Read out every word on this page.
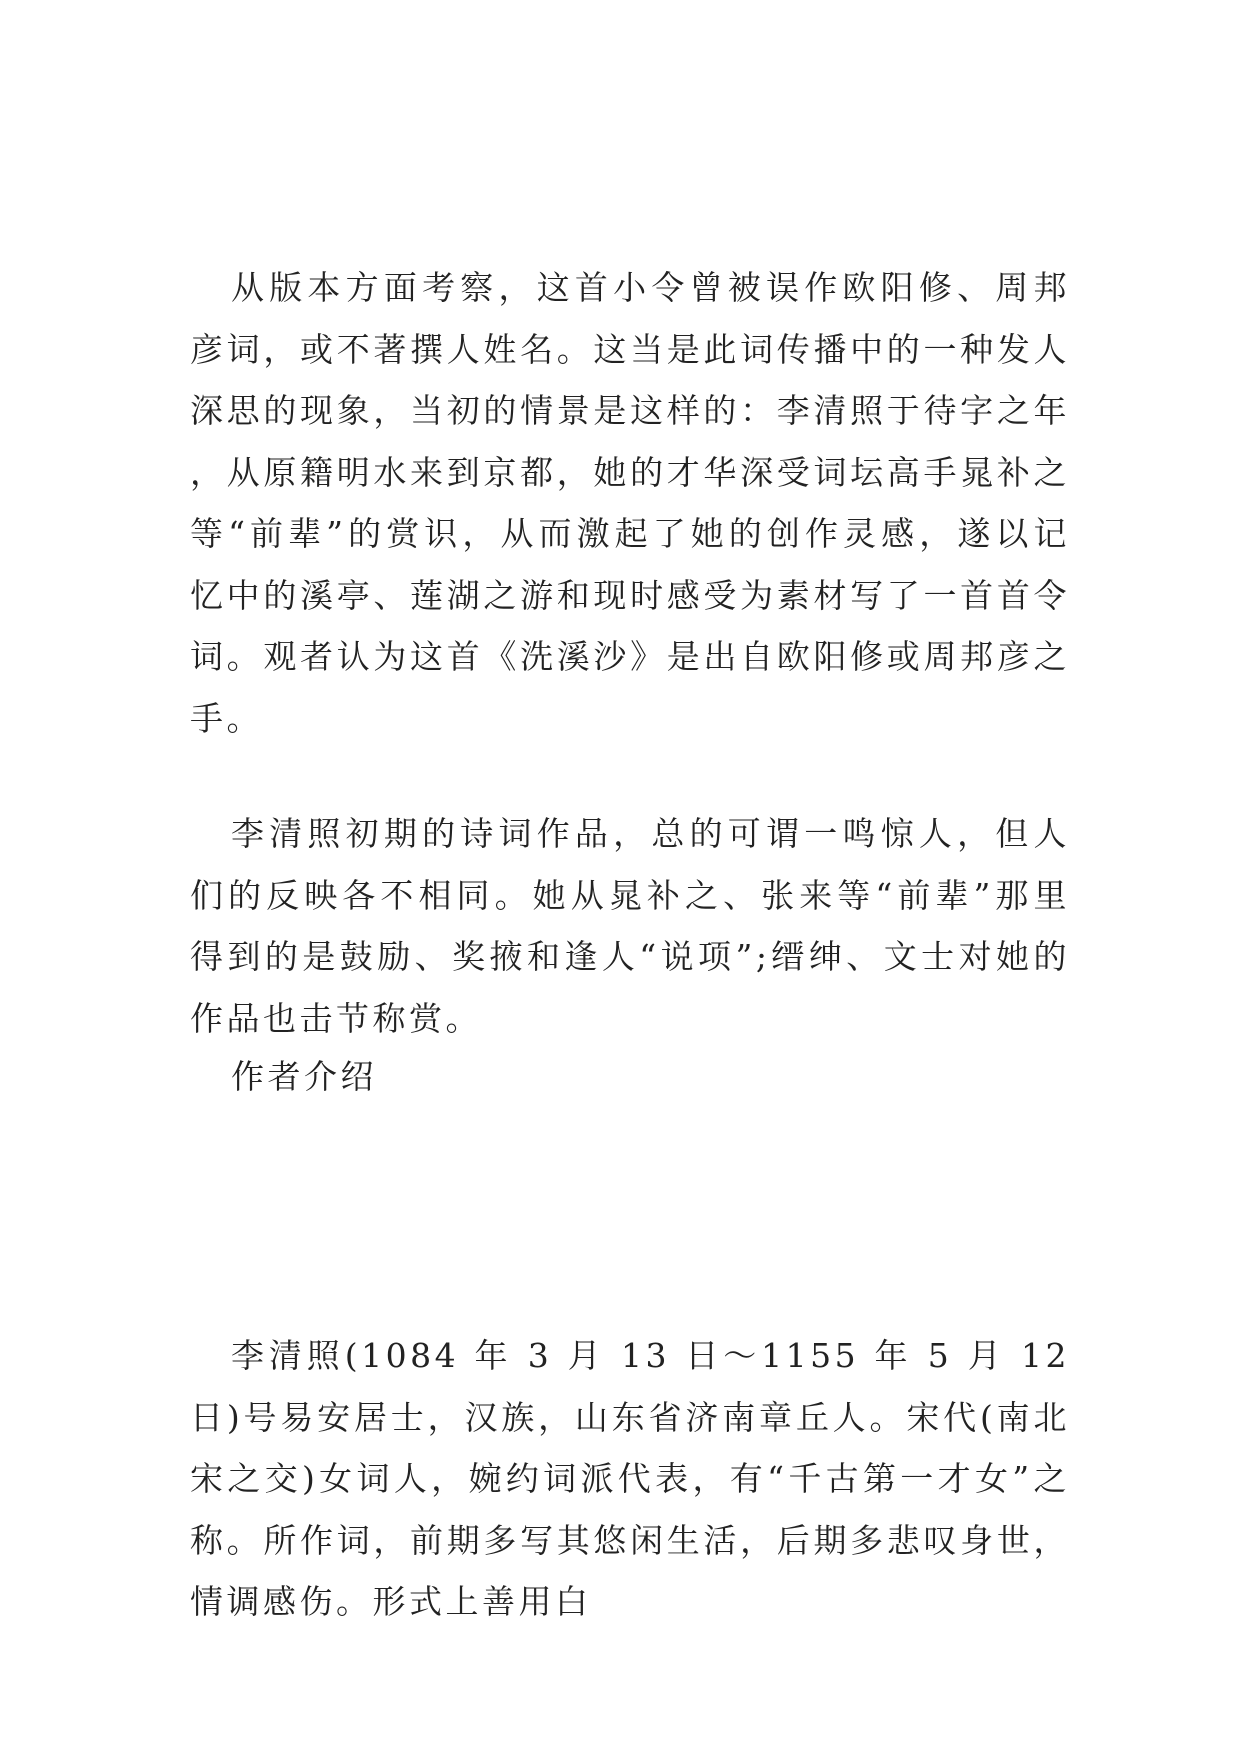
从版本方面考察，这首小令曾被误作欧阳修、周邦彦词，或不著撰人姓名。这当是此词传播中的一种发人深思的现象，当初的情景是这样的：李清照于待字之年，从原籍明水来到京都，她的才华深受词坛高手晁补之等“前辈”的赏识，从而激起了她的创作灵感，遂以记忆中的溪亭、莲湖之游和现时感受为素材写了一首首令词。观者认为这首《洗溪沙》是出自欧阳修或周邦彦之手。

李清照初期的诗词作品，总的可谓一鸣惊人，但人们的反映各不相同。她从晁补之、张来等“前辈”那里得到的是鼓励、奖掖和逢人“说项”;缙绅、文士对她的作品也击节称赏。

作者介绍

李清照(1084 年 3 月 13 日～1155 年 5 月 12 日)号易安居士，汉族，山东省济南章丘人。宋代(南北宋之交)女词人，婉约词派代表，有“千古第一才女”之称。所作词，前期多写其悠闲生活，后期多悲叹身世，情调感伤。形式上善用白
